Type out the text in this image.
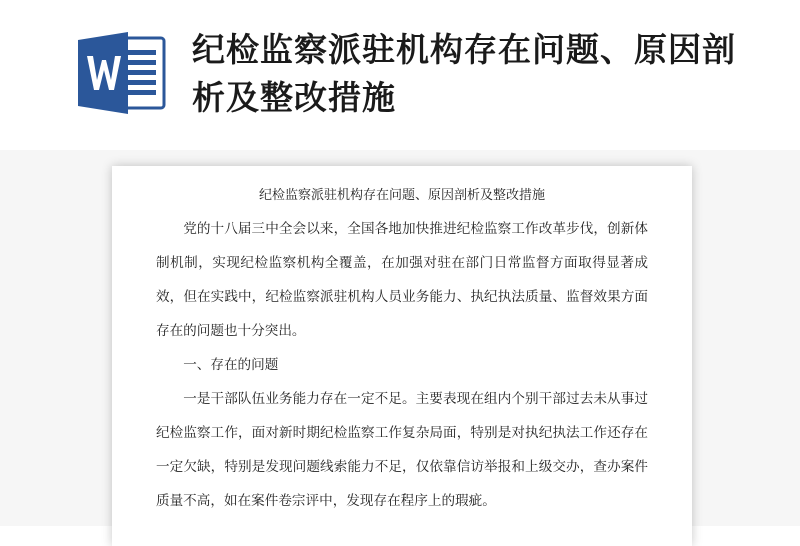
纪检监察派驻机构存在问题、原因剖析及整改措施

纪检监察派驻机构存在问题、原因剖析及整改措施

党的十八届三中全会以来，全国各地加快推进纪检监察工作改革步伐，创新体制机制，实现纪检监察机构全覆盖，在加强对驻在部门日常监督方面取得显著成效，但在实践中，纪检监察派驻机构人员业务能力、执纪执法质量、监督效果方面存在的问题也十分突出。

一、存在的问题

一是干部队伍业务能力存在一定不足。主要表现在组内个别干部过去未从事过纪检监察工作，面对新时期纪检监察工作复杂局面，特别是对执纪执法工作还存在一定欠缺，特别是发现问题线索能力不足，仅依靠信访举报和上级交办，查办案件质量不高，如在案件卷宗评中，发现存在程序上的瑕疵。
